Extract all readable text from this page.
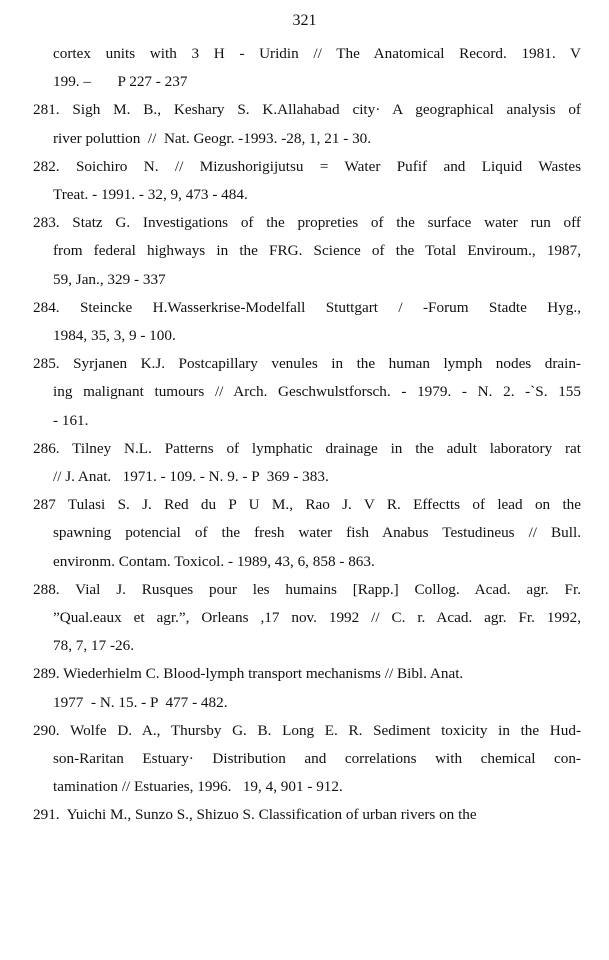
321
cortex units with 3 H - Uridin // The Anatomical Record. 1981. V
199. –       P 227 - 237
281. Sigh M. B., Keshary S. K.Allahabad city· A geographical analysis of
river poluttion  //  Nat. Geogr. -1993. -28, 1, 21 - 30.
282. Soichiro N. // Mizushorigijutsu = Water Pufif and Liquid Wastes
Treat. - 1991. - 32, 9, 473 - 484.
283. Statz G. Investigations of the propreties of the surface water run off
from federal highways in the FRG. Science of the Total Enviroum., 1987,
59, Jan., 329 - 337
284. Steincke H.Wasserkrise-Modelfall Stuttgart / -Forum Stadte Hyg.,
1984, 35, 3, 9 - 100.
285. Syrjanen K.J. Postcapillary venules in the human lymph nodes drain-
ing malignant tumours // Arch. Geschwulstforsch. - 1979. - N. 2. -`S. 155
- 161.
286. Tilney N.L. Patterns of lymphatic drainage in the adult laboratory rat
// J. Anat.   1971. - 109. - N. 9. - P  369 - 383.
287 Tulasi S. J. Red du P U M., Rao J. V R. Effectts of lead on the
spawning potencial of the fresh water fish Anabus Testudineus // Bull.
environm. Contam. Toxicol. - 1989, 43, 6, 858 - 863.
288. Vial J. Rusques pour les humains [Rapp.] Collog. Acad. agr. Fr.
”Qual.eaux et agr.”, Orleans ,17 nov. 1992 // C. r. Acad. agr. Fr. 1992,
78, 7, 17 -26.
289. Wiederhielm C. Blood-lymph transport mechanisms // Bibl. Anat.
1977  - N. 15. - P  477 - 482.
290. Wolfe D. A., Thursby G. B. Long E. R. Sediment toxicity in the Hud-
son-Raritan Estuary· Distribution and correlations with chemical con-
tamination // Estuaries, 1996.   19, 4, 901 - 912.
291.  Yuichi M., Sunzo S., Shizuo S. Classification of urban rivers on the
